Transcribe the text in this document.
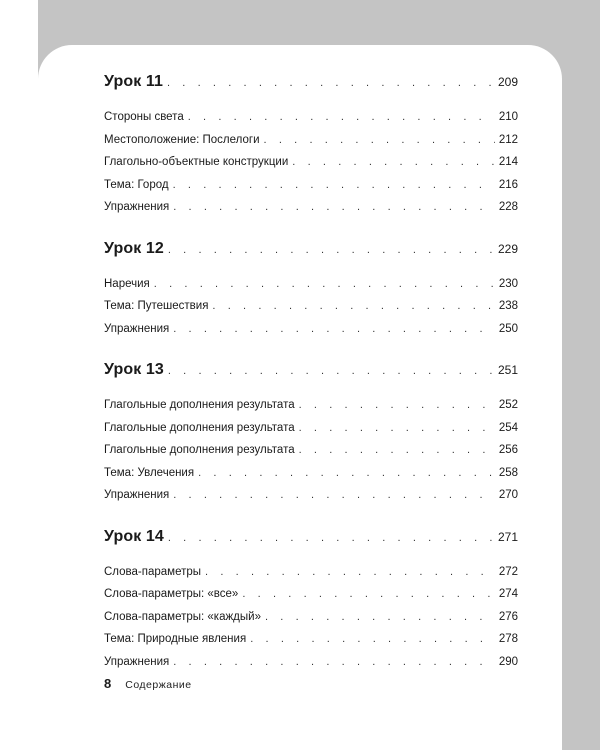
Урок 11 . . .	209
Стороны света . . .	210
Местоположение: Послелоги . . .	212
Глагольно-объектные конструкции . . .	214
Тема: Город . . .	216
Упражнения . . .	228
Урок 12 . . .	229
Наречия . . .	230
Тема: Путешествия . . .	238
Упражнения . . .	250
Урок 13 . . .	251
Глагольные дополнения результата . . .	252
Глагольные дополнения результата . . .	254
Глагольные дополнения результата . . .	256
Тема: Увлечения . . .	258
Упражнения . . .	270
Урок 14 . . .	271
Слова-параметры . . .	272
Слова-параметры: «все» . . .	274
Слова-параметры: «каждый» . . .	276
Тема: Природные явления . . .	278
Упражнения . . .	290
8 Содержание
